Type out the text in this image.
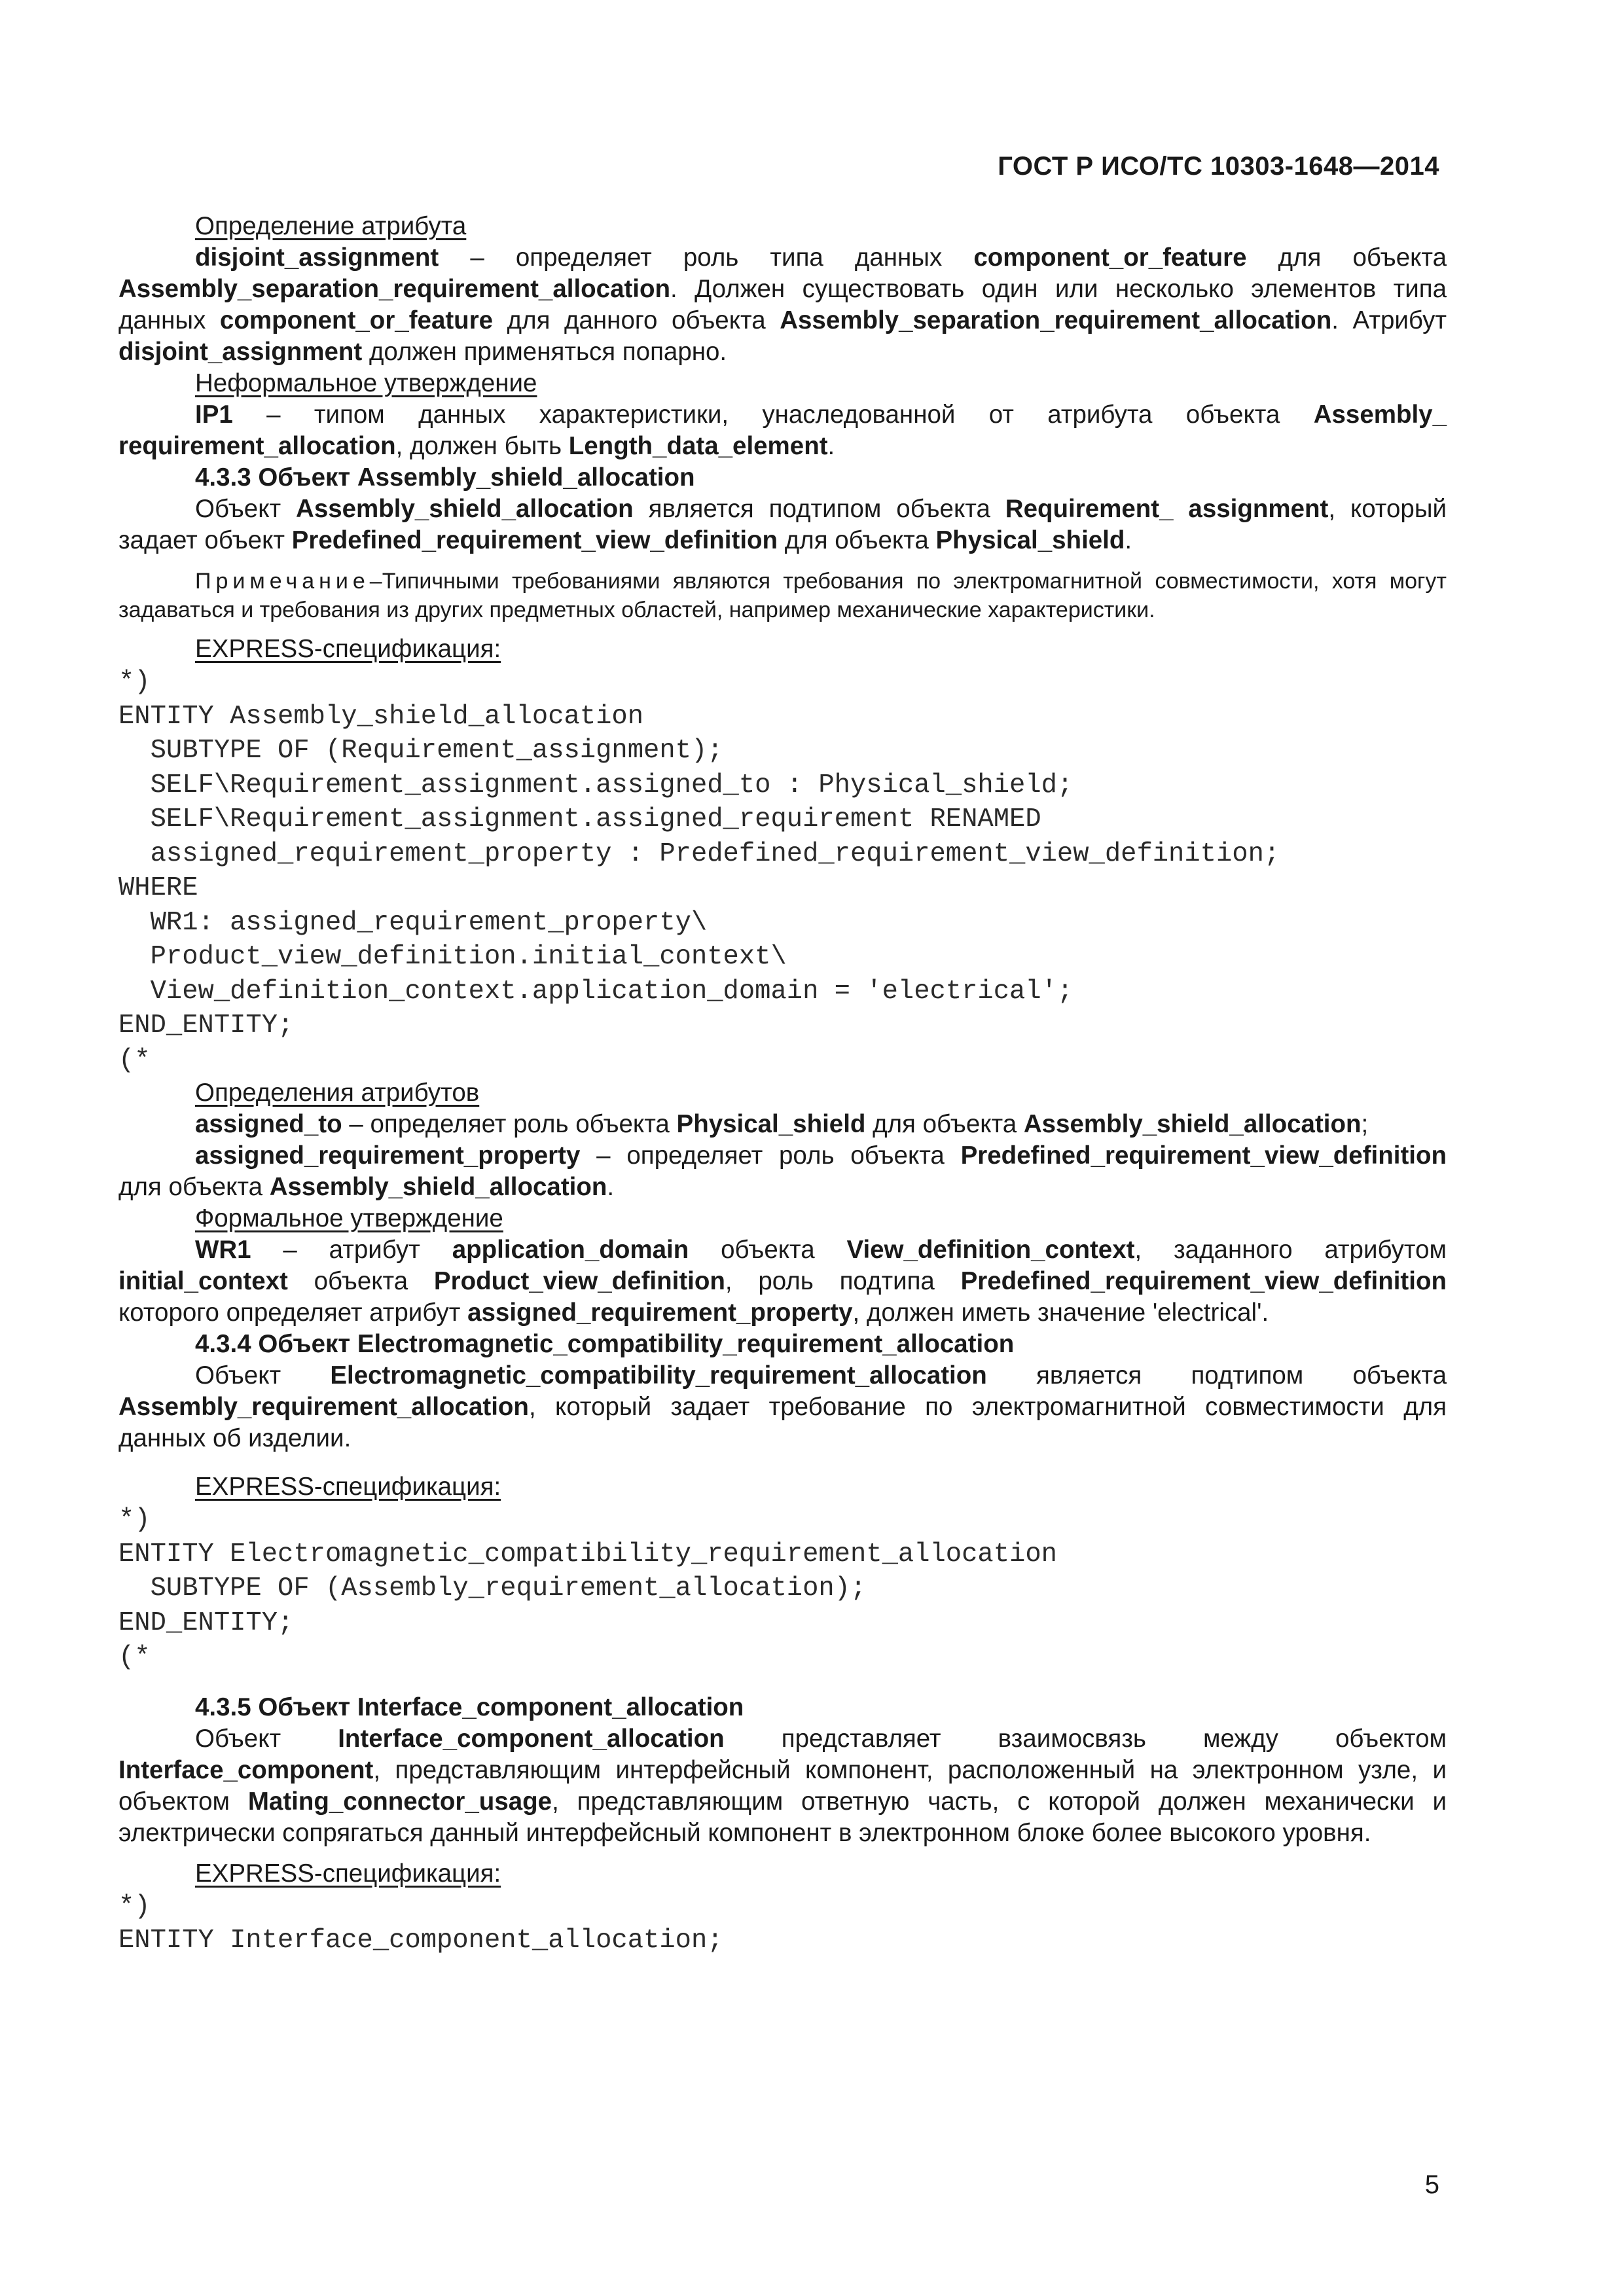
ГОСТ Р ИСО/ТС 10303-1648—2014

Определение атрибута

disjoint_assignment – определяет роль типа данных component_or_feature для объекта Assembly_separation_requirement_allocation. Должен существовать один или несколько элементов типа данных component_or_feature для данного объекта Assembly_separation_requirement_allocation. Атрибут disjoint_assignment должен применяться попарно.

Неформальное утверждение

IP1 – типом данных характеристики, унаследованной от атрибута объекта Assembly_ requirement_allocation, должен быть Length_data_element.

4.3.3 Объект Assembly_shield_allocation

Объект Assembly_shield_allocation является подтипом объекта Requirement_ assignment, который задает объект Predefined_requirement_view_definition для объекта Physical_shield.

Примечание–Типичными требованиями являются требования по электромагнитной совместимости, хотя могут задаваться и требования из других предметных областей, например механические характеристики.

EXPRESS-спецификация:

*)
ENTITY Assembly_shield_allocation
SUBTYPE OF (Requirement_assignment);
SELF\Requirement_assignment.assigned_to : Physical_shield;
SELF\Requirement_assignment.assigned_requirement RENAMED
assigned_requirement_property : Predefined_requirement_view_definition;
WHERE
WR1: assigned_requirement_property\
Product_view_definition.initial_context\
View_definition_context.application_domain = 'electrical';
END_ENTITY;
(*

Определения атрибутов

assigned_to – определяет роль объекта Physical_shield для объекта Assembly_shield_allocation;

assigned_requirement_property – определяет роль объекта Predefined_requirement_view_definition для объекта Assembly_shield_allocation.

Формальное утверждение

WR1 – атрибут application_domain объекта View_definition_context, заданного атрибутом initial_context объекта Product_view_definition, роль подтипа Predefined_requirement_view_definition которого определяет атрибут assigned_requirement_property, должен иметь значение 'electrical'.

4.3.4 Объект Electromagnetic_compatibility_requirement_allocation

Объект Electromagnetic_compatibility_requirement_allocation является подтипом объекта Assembly_requirement_allocation, который задает требование по электромагнитной совместимости для данных об изделии.

EXPRESS-спецификация:

*)
ENTITY Electromagnetic_compatibility_requirement_allocation
SUBTYPE OF (Assembly_requirement_allocation);
END_ENTITY;
(*

4.3.5 Объект Interface_component_allocation

Объект Interface_component_allocation представляет взаимосвязь между объектом Interface_component, представляющим интерфейсный компонент, расположенный на электронном узле, и объектом Mating_connector_usage, представляющим ответную часть, с которой должен механически и электрически сопрягаться данный интерфейсный компонент в электронном блоке более высокого уровня.

EXPRESS-спецификация:

*)
ENTITY Interface_component_allocation;
5
